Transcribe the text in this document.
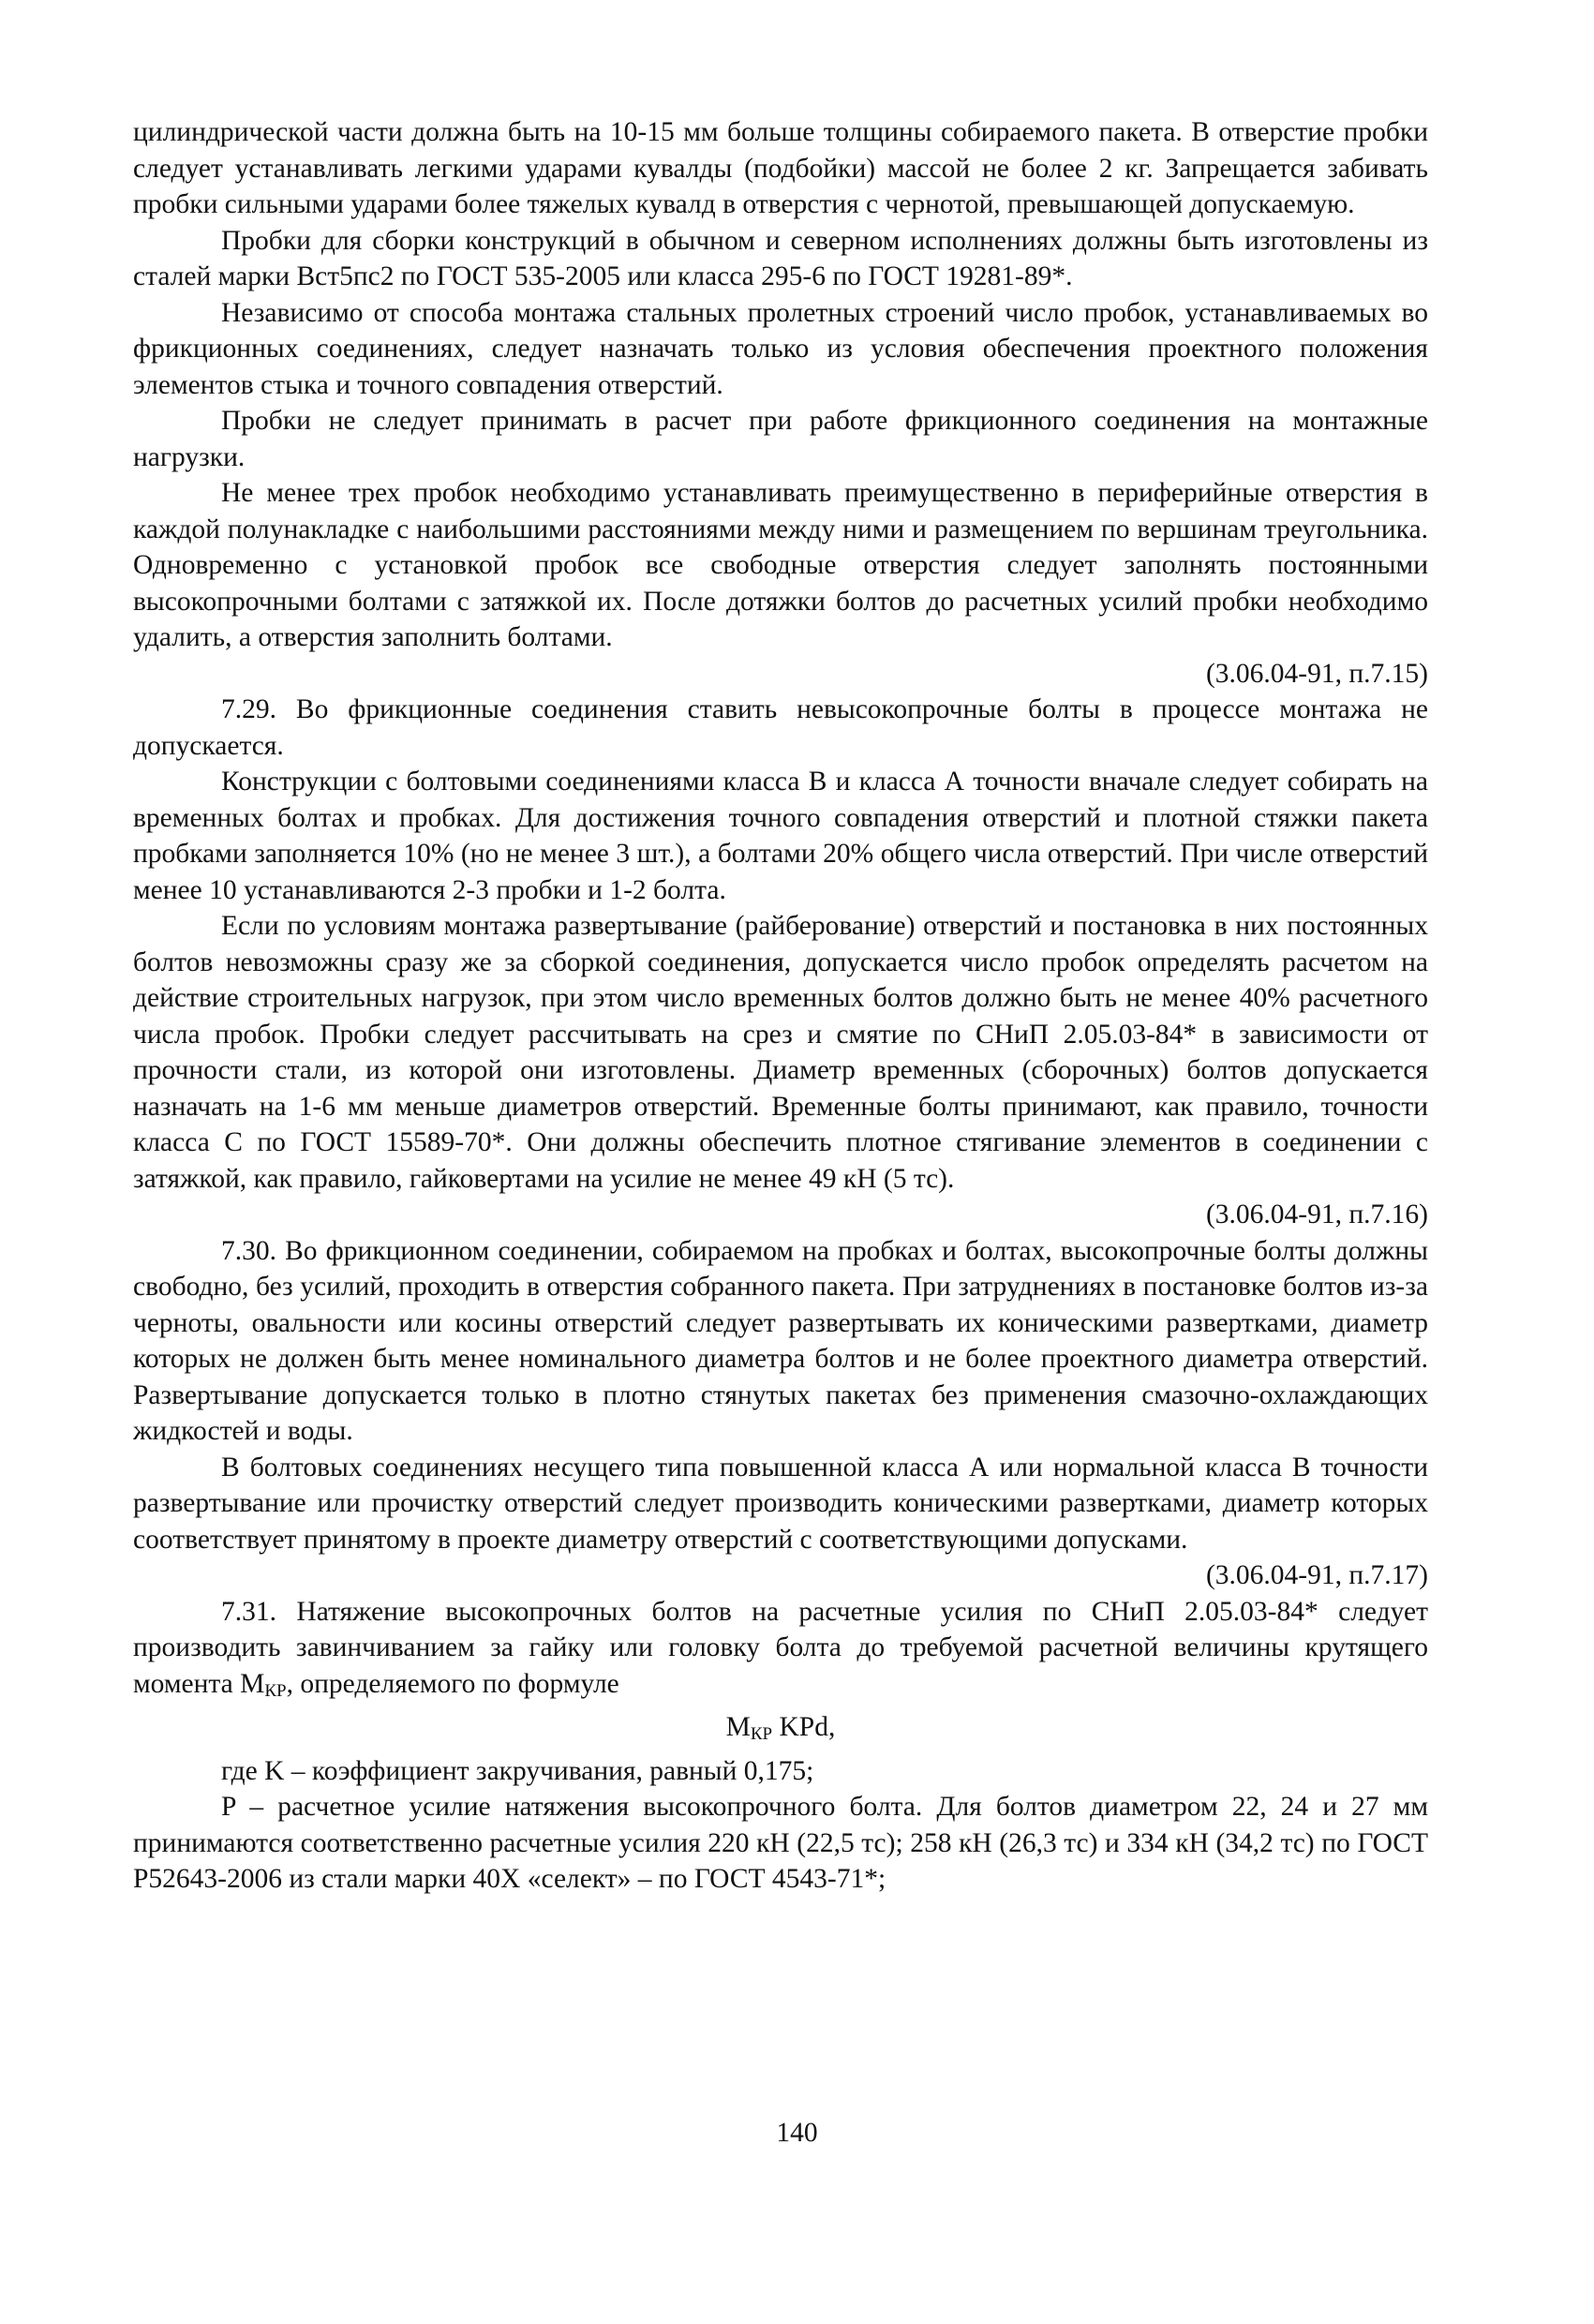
цилиндрической части должна быть на 10-15 мм больше толщины собираемого пакета. В отверстие пробки следует устанавливать легкими ударами кувалды (подбойки) массой не более 2 кг. Запрещается забивать пробки сильными ударами более тяжелых кувалд в отверстия с чернотой, превышающей допускаемую.

Пробки для сборки конструкций в обычном и северном исполнениях должны быть изготовлены из сталей марки Вст5пс2 по ГОСТ 535-2005 или класса 295-6 по ГОСТ 19281-89*.

Независимо от способа монтажа стальных пролетных строений число пробок, устанавливаемых во фрикционных соединениях, следует назначать только из условия обеспечения проектного положения элементов стыка и точного совпадения отверстий.

Пробки не следует принимать в расчет при работе фрикционного соединения на монтажные нагрузки.

Не менее трех пробок необходимо устанавливать преимущественно в периферийные отверстия в каждой полунакладке с наибольшими расстояниями между ними и размещением по вершинам треугольника. Одновременно с установкой пробок все свободные отверстия следует заполнять постоянными высокопрочными болтами с затяжкой их. После дотяжки болтов до расчетных усилий пробки необходимо удалить, а отверстия заполнить болтами.

(3.06.04-91, п.7.15)

7.29. Во фрикционные соединения ставить невысокопрочные болты в процессе монтажа не допускается.

Конструкции с болтовыми соединениями класса В и класса А точности вначале следует собирать на временных болтах и пробках. Для достижения точного совпадения отверстий и плотной стяжки пакета пробками заполняется 10% (но не менее 3 шт.), а болтами 20% общего числа отверстий. При числе отверстий менее 10 устанавливаются 2-3 пробки и 1-2 болта.

Если по условиям монтажа развертывание (райберование) отверстий и постановка в них постоянных болтов невозможны сразу же за сборкой соединения, допускается число пробок определять расчетом на действие строительных нагрузок, при этом число временных болтов должно быть не менее 40% расчетного числа пробок. Пробки следует рассчитывать на срез и смятие по СНиП 2.05.03-84* в зависимости от прочности стали, из которой они изготовлены. Диаметр временных (сборочных) болтов допускается назначать на 1-6 мм меньше диаметров отверстий. Временные болты принимают, как правило, точности класса С по ГОСТ 15589-70*. Они должны обеспечить плотное стягивание элементов в соединении с затяжкой, как правило, гайковертами на усилие не менее 49 кН (5 тс).

(3.06.04-91, п.7.16)

7.30. Во фрикционном соединении, собираемом на пробках и болтах, высокопрочные болты должны свободно, без усилий, проходить в отверстия собранного пакета. При затруднениях в постановке болтов из-за черноты, овальности или косины отверстий следует развертывать их коническими развертками, диаметр которых не должен быть менее номинального диаметра болтов и не более проектного диаметра отверстий. Развертывание допускается только в плотно стянутых пакетах без применения смазочно-охлаждающих жидкостей и воды.

В болтовых соединениях несущего типа повышенной класса А или нормальной класса В точности развертывание или прочистку отверстий следует производить коническими развертками, диаметр которых соответствует принятому в проекте диаметру отверстий с соответствующими допусками.

(3.06.04-91, п.7.17)

7.31. Натяжение высокопрочных болтов на расчетные усилия по СНиП 2.05.03-84* следует производить завинчиванием за гайку или головку болта до требуемой расчетной величины крутящего момента $М_{КР}$, определяемого по формуле

$М_{КР}$ KPd,

где K – коэффициент закручивания, равный 0,175;

P – расчетное усилие натяжения высокопрочного болта. Для болтов диаметром 22, 24 и 27 мм принимаются соответственно расчетные усилия 220 кН (22,5 тс); 258 кН (26,3 тс) и 334 кН (34,2 тс) по ГОСТ Р52643-2006 из стали марки 40Х «селект» – по ГОСТ 4543-71*;

140
